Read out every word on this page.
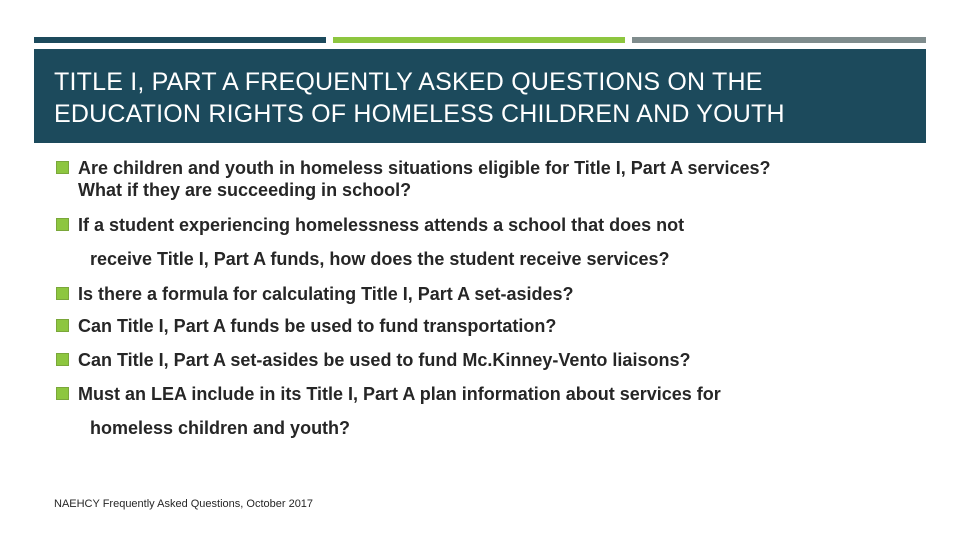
TITLE I, PART A FREQUENTLY ASKED QUESTIONS ON THE
EDUCATION RIGHTS OF HOMELESS CHILDREN AND YOUTH
Are children and youth in homeless situations eligible for Title I, Part A services?
What if they are succeeding in school?
If a student experiencing homelessness attends a school that does not
receive Title I, Part A funds, how does the student receive services?
Is there a formula for calculating Title I, Part A set-asides?
Can Title I, Part A funds be used to fund transportation?
Can Title I, Part A set-asides be used to fund Mc.Kinney-Vento liaisons?
Must an LEA include in its Title I, Part A plan information about services for
homeless children and youth?
NAEHCY Frequently Asked Questions, October 2017
